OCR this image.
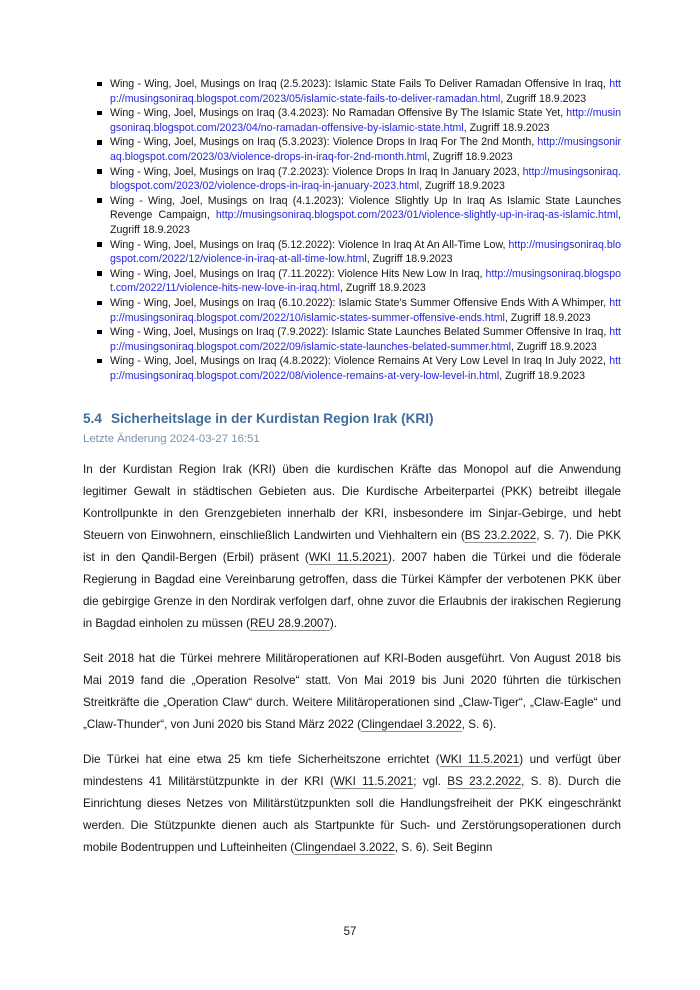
Wing - Wing, Joel, Musings on Iraq (2.5.2023): Islamic State Fails To Deliver Ramadan Offensive In Iraq, http://musingsoniraq.blogspot.com/2023/05/islamic-state-fails-to-deliver-ramadan.html, Zugriff 18.9.2023
Wing - Wing, Joel, Musings on Iraq (3.4.2023): No Ramadan Offensive By The Islamic State Yet, http://musingsoniraq.blogspot.com/2023/04/no-ramadan-offensive-by-islamic-state.html, Zugriff 18.9.2023
Wing - Wing, Joel, Musings on Iraq (5.3.2023): Violence Drops In Iraq For The 2nd Month, http://musingsoniraq.blogspot.com/2023/03/violence-drops-in-iraq-for-2nd-month.html, Zugriff 18.9.2023
Wing - Wing, Joel, Musings on Iraq (7.2.2023): Violence Drops In Iraq In January 2023, http://musingsoniraq.blogspot.com/2023/02/violence-drops-in-iraq-in-january-2023.html, Zugriff 18.9.2023
Wing - Wing, Joel, Musings on Iraq (4.1.2023): Violence Slightly Up In Iraq As Islamic State Launches Revenge Campaign, http://musingsoniraq.blogspot.com/2023/01/violence-slightly-up-in-iraq-as-islamic.html, Zugriff 18.9.2023
Wing - Wing, Joel, Musings on Iraq (5.12.2022): Violence In Iraq At An All-Time Low, http://musingsoniraq.blogspot.com/2022/12/violence-in-iraq-at-all-time-low.html, Zugriff 18.9.2023
Wing - Wing, Joel, Musings on Iraq (7.11.2022): Violence Hits New Low In Iraq, http://musingsoniraq.blogspot.com/2022/11/violence-hits-new-love-in-iraq.html, Zugriff 18.9.2023
Wing - Wing, Joel, Musings on Iraq (6.10.2022): Islamic State’s Summer Offensive Ends With A Whimper, http://musingsoniraq.blogspot.com/2022/10/islamic-states-summer-offensive-ends.html, Zugriff 18.9.2023
Wing - Wing, Joel, Musings on Iraq (7.9.2022): Islamic State Launches Belated Summer Offensive In Iraq, http://musingsoniraq.blogspot.com/2022/09/islamic-state-launches-belated-summer.html, Zugriff 18.9.2023
Wing - Wing, Joel, Musings on Iraq (4.8.2022): Violence Remains At Very Low Level In Iraq In July 2022, http://musingsoniraq.blogspot.com/2022/08/violence-remains-at-very-low-level-in.html, Zugriff 18.9.2023
5.4 Sicherheitslage in der Kurdistan Region Irak (KRI)
Letzte Änderung 2024-03-27 16:51

In der Kurdistan Region Irak (KRI) üben die kurdischen Kräfte das Monopol auf die Anwendung legitimer Gewalt in städtischen Gebieten aus. Die Kurdische Arbeiterpartei (PKK) betreibt illegale Kontrollpunkte in den Grenzgebieten innerhalb der KRI, insbesondere im Sinjar-Gebirge, und hebt Steuern von Einwohnern, einschließlich Landwirten und Viehhaltern ein (BS 23.2.2022, S. 7). Die PKK ist in den Qandil-Bergen (Erbil) präsent (WKI 11.5.2021). 2007 haben die Türkei und die föderale Regierung in Bagdad eine Vereinbarung getroffen, dass die Türkei Kämpfer der verbotenen PKK über die gebirgige Grenze in den Nordirak verfolgen darf, ohne zuvor die Erlaubnis der irakischen Regierung in Bagdad einholen zu müssen (REU 28.9.2007).

Seit 2018 hat die Türkei mehrere Militäroperationen auf KRI-Boden ausgeführt. Von August 2018 bis Mai 2019 fand die „Operation Resolve“ statt. Von Mai 2019 bis Juni 2020 führten die türkischen Streitkräfte die „Operation Claw“ durch. Weitere Militäroperationen sind „Claw-Tiger“, „Claw-Eagle“ und „Claw-Thunder“, von Juni 2020 bis Stand März 2022 (Clingendael 3.2022, S. 6).

Die Türkei hat eine etwa 25 km tiefe Sicherheitszone errichtet (WKI 11.5.2021) und verfügt über mindestens 41 Militärstützpunkte in der KRI (WKI 11.5.2021; vgl. BS 23.2.2022, S. 8). Durch die Einrichtung dieses Netzes von Militärstützpunkten soll die Handlungsfreiheit der PKK eingeschränkt werden. Die Stützpunkte dienen auch als Startpunkte für Such- und Zerstörungsoperationen durch mobile Bodentruppen und Lufteinheiten (Clingendael 3.2022, S. 6). Seit Beginn

57
